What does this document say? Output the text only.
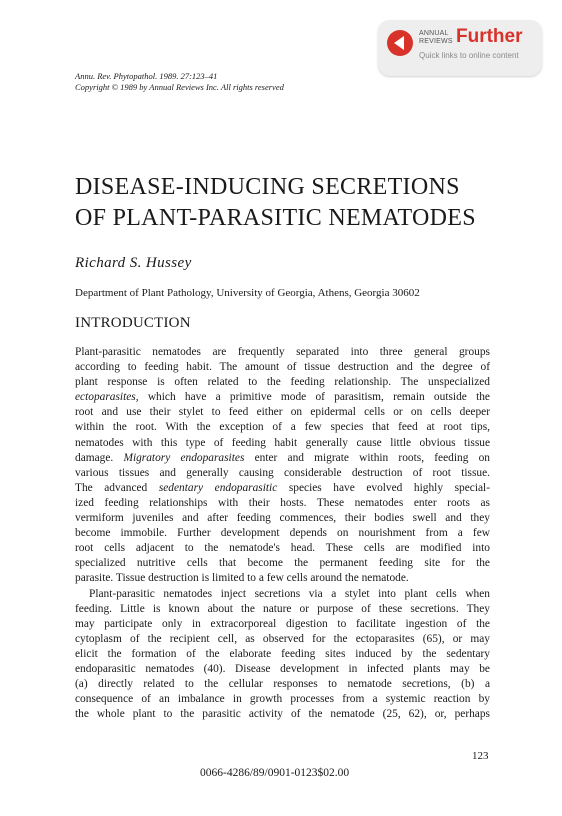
ANNUAL
REVIEWS Further
Quick links to online content
Annu. Rev. Phytopathol. 1989. 27:123–41
Copyright © 1989 by Annual Reviews Inc. All rights reserved
DISEASE-INDUCING SECRETIONS
OF PLANT-PARASITIC NEMATODES
Richard S. Hussey
Department of Plant Pathology, University of Georgia, Athens, Georgia 30602
INTRODUCTION

Plant-parasitic nematodes are frequently separated into three general groups

according to feeding habit. The amount of tissue destruction and the degree of

plant response is often related to the feeding relationship. The unspecialized

ectoparasites, which have a primitive mode of parasitism, remain outside the

root and use their stylet to feed either on epidermal cells or on cells deeper

within the root. With the exception of a few species that feed at root tips,

nematodes with this type of feeding habit generally cause little obvious tissue

damage. Migratory endoparasites enter and migrate within roots, feeding on

various tissues and generally causing considerable destruction of root tissue.

The advanced sedentary endoparasitic species have evolved highly special-

ized feeding relationships with their hosts. These nematodes enter roots as

vermiform juveniles and after feeding commences, their bodies swell and they

become immobile. Further development depends on nourishment from a few

root cells adjacent to the nematode's head. These cells are modified into

specialized nutritive cells that become the permanent feeding site for the

parasite. Tissue destruction is limited to a few cells around the nematode.

Plant-parasitic nematodes inject secretions via a stylet into plant cells when

feeding. Little is known about the nature or purpose of these secretions. They

may participate only in extracorporeal digestion to facilitate ingestion of the

cytoplasm of the recipient cell, as observed for the ectoparasites (65), or may

elicit the formation of the elaborate feeding sites induced by the sedentary

endoparasitic nematodes (40). Disease development in infected plants may be

(a) directly related to the cellular responses to nematode secretions, (b) a

consequence of an imbalance in growth processes from a systemic reaction by

the whole plant to the parasitic activity of the nematode (25, 62), or, perhaps

123
0066-4286/89/0901-0123$02.00
